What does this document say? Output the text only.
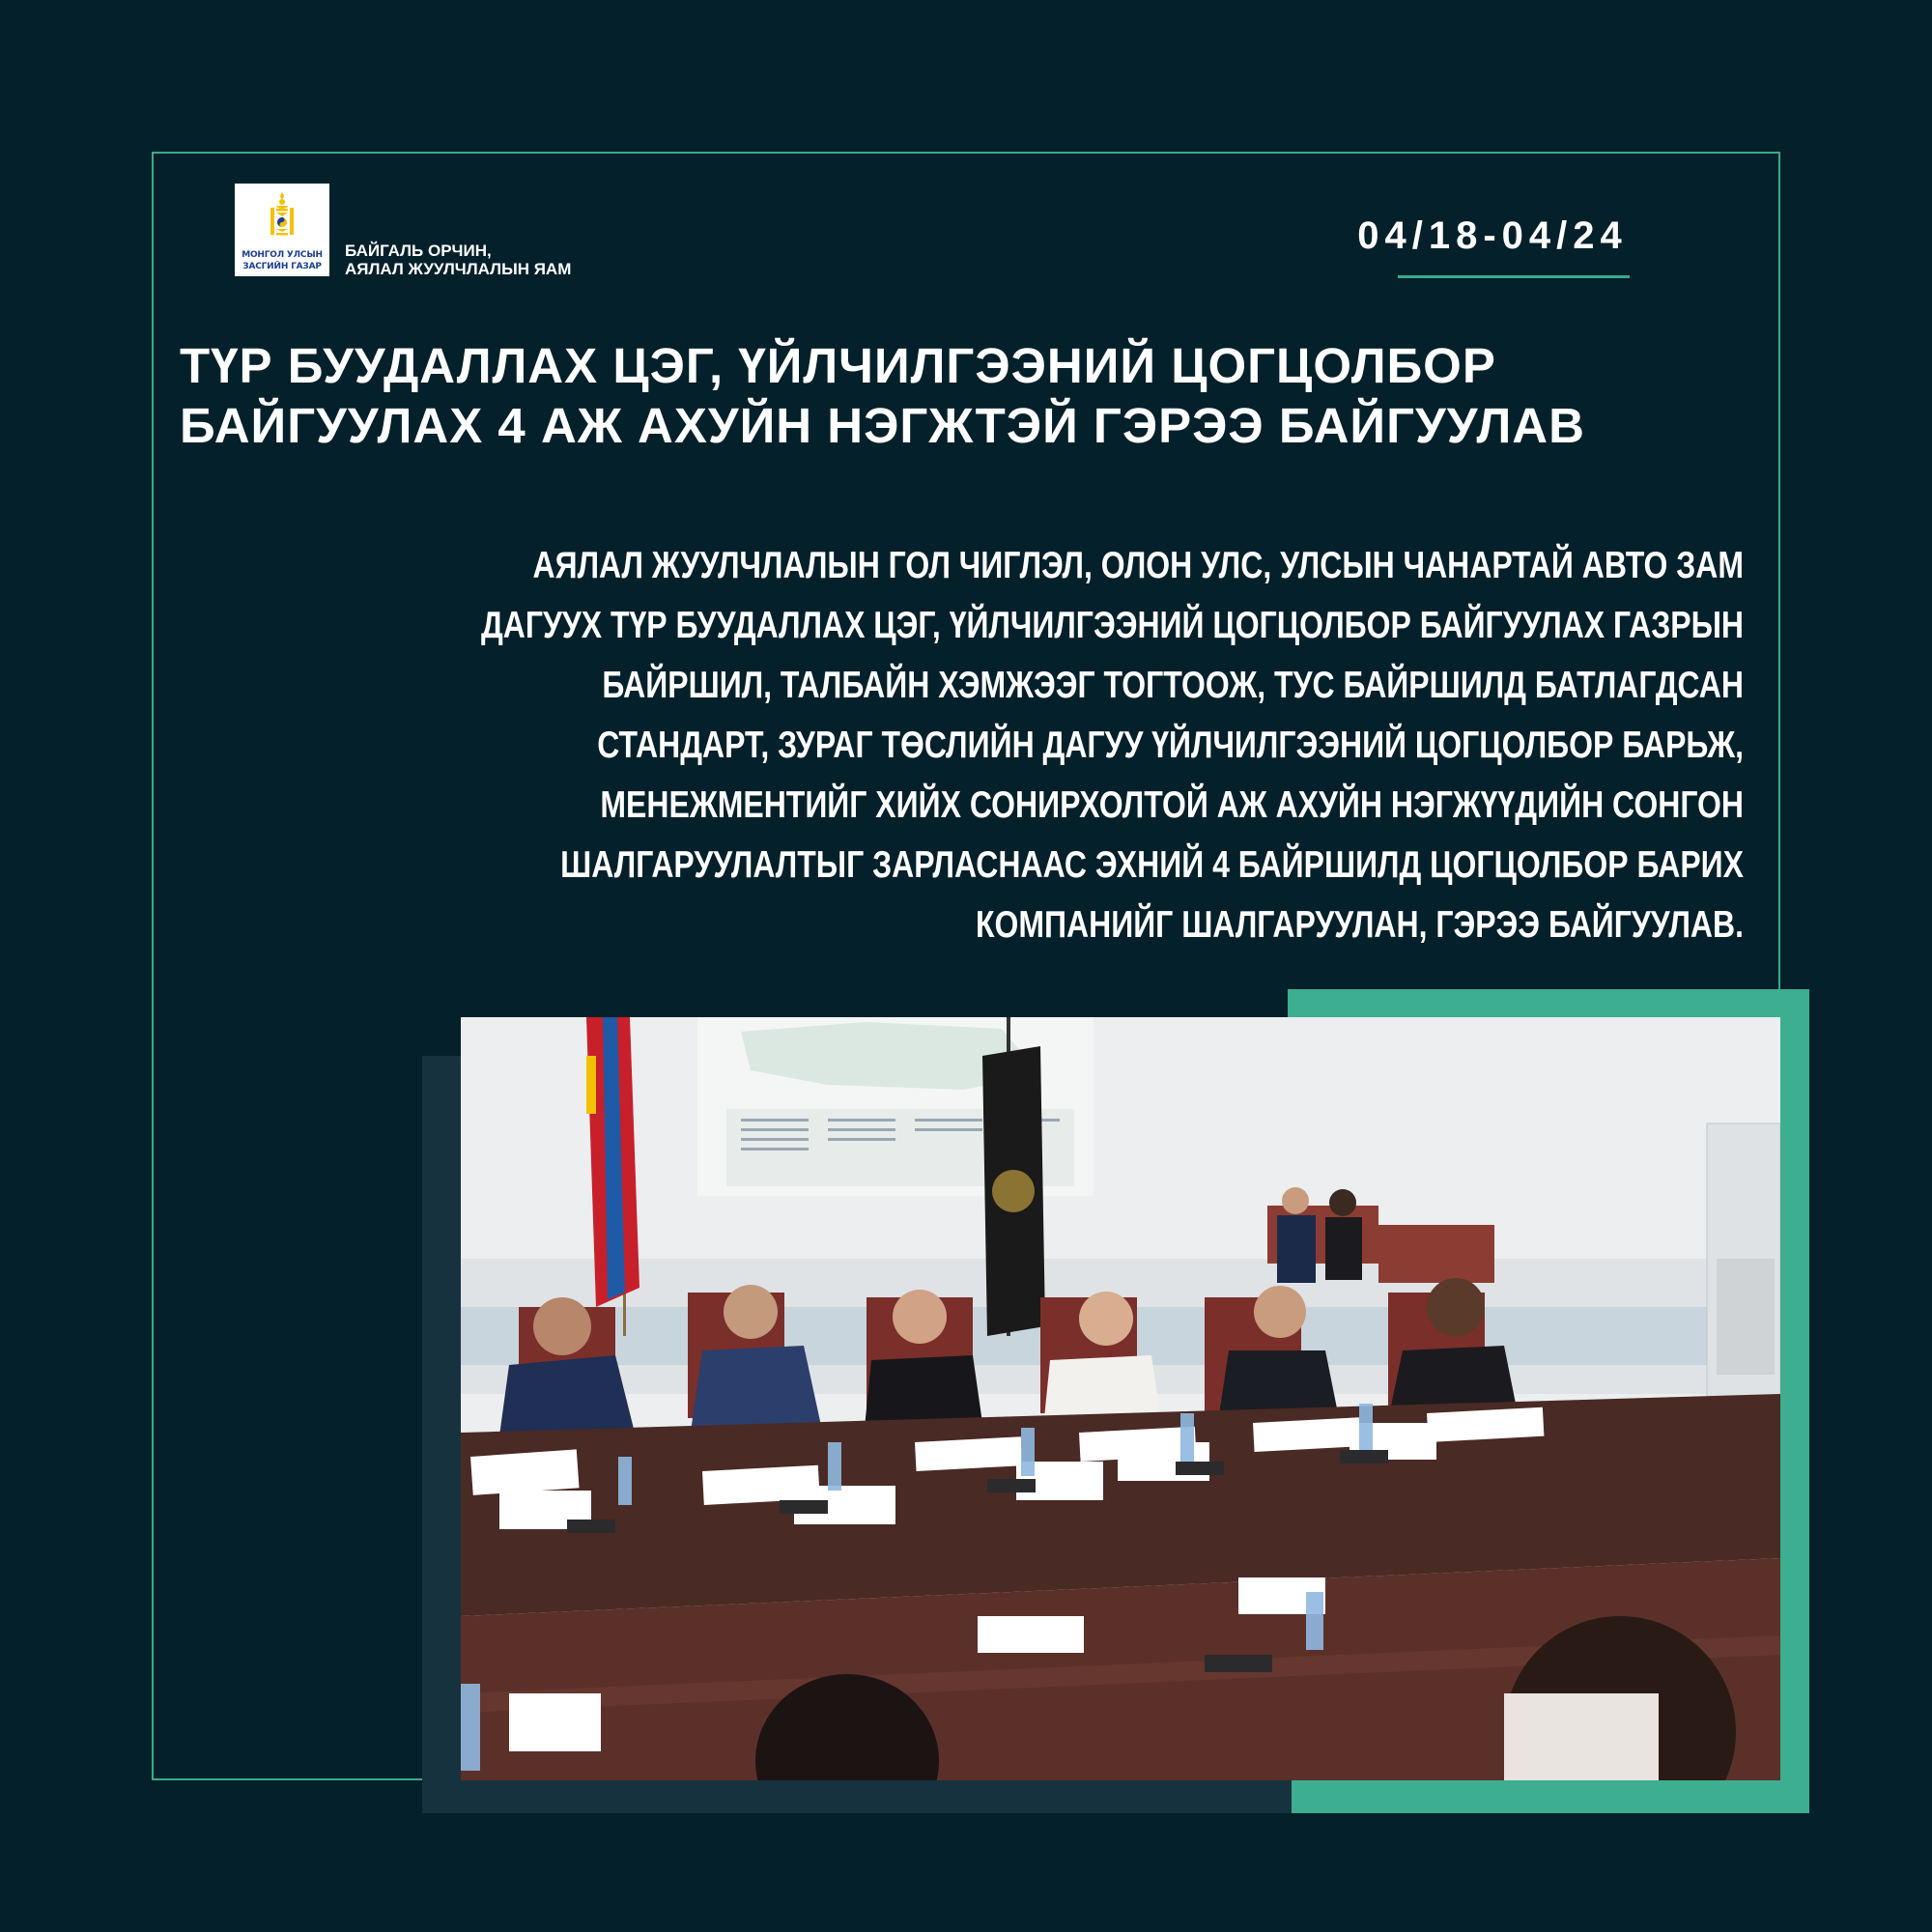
МОНГОЛ УЛСЫН
ЗАСГИЙН ГАЗАР
БАЙГАЛЬ ОРЧИН,
АЯЛАЛ ЖУУЛЧЛАЛЫН ЯАМ
04/18-04/24
ТҮР БУУДАЛЛАХ ЦЭГ, ҮЙЛЧИЛГЭЭНИЙ ЦОГЦОЛБОР БАЙГУУЛАХ 4 АЖ АХУЙН НЭГЖТЭЙ ГЭРЭЭ БАЙГУУЛАВ
АЯЛАЛ ЖУУЛЧЛАЛЫН ГОЛ ЧИГЛЭЛ, ОЛОН УЛС, УЛСЫН ЧАНАРТАЙ АВТО ЗАМ ДАГУУХ ТҮР БУУДАЛЛАХ ЦЭГ, ҮЙЛЧИЛГЭЭНИЙ ЦОГЦОЛБОР БАЙГУУЛАХ ГАЗРЫН БАЙРШИЛ, ТАЛБАЙН ХЭМЖЭЭГ ТОГТООЖ, ТУС БАЙРШИЛД БАТЛАГДСАН СТАНДАРТ, ЗУРАГ ТӨСЛИЙН ДАГУУ ҮЙЛЧИЛГЭЭНИЙ ЦОГЦОЛБОР БАРЬЖ, МЕНЕЖМЕНТИЙГ ХИЙХ СОНИРХОЛТОЙ АЖ АХУЙН НЭГЖҮҮДИЙН СОНГОН ШАЛГАРУУЛАЛТЫГ ЗАРЛАСНААС ЭХНИЙ 4 БАЙРШИЛД ЦОГЦОЛБОР БАРИХ КОМПАНИЙГ ШАЛГАРУУЛАН, ГЭРЭЭ БАЙГУУЛАВ.
